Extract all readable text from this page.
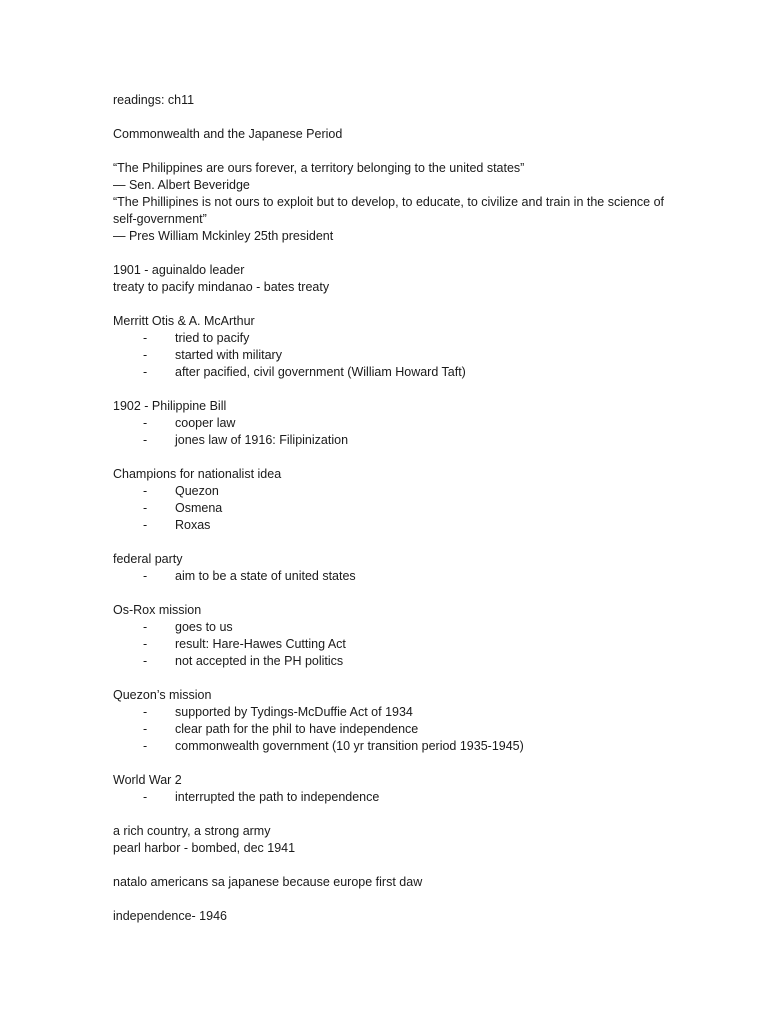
readings: ch11
Commonwealth and the Japanese Period
“The Philippines are ours forever, a territory belonging to the united states”
— Sen. Albert Beveridge
“The Phillipines is not ours to exploit but to develop, to educate, to civilize and train in the science of self-government”
— Pres William Mckinley 25th president
1901 - aguinaldo leader
treaty to pacify mindanao - bates treaty
Merritt Otis & A. McArthur
- tried to pacify
- started with military
- after pacified, civil government (William Howard Taft)
1902 - Philippine Bill
- cooper law
- jones law of 1916: Filipinization
Champions for nationalist idea
- Quezon
- Osmena
- Roxas
federal party
- aim to be a state of united states
Os-Rox mission
- goes to us
- result: Hare-Hawes Cutting Act
- not accepted in the PH politics
Quezon’s mission
- supported by Tydings-McDuffie Act of 1934
- clear path for the phil to have independence
- commonwealth government (10 yr transition period 1935-1945)
World War 2
- interrupted the path to independence
a rich country, a strong army
pearl harbor - bombed, dec 1941
natalo americans sa japanese because europe first daw
independence- 1946
